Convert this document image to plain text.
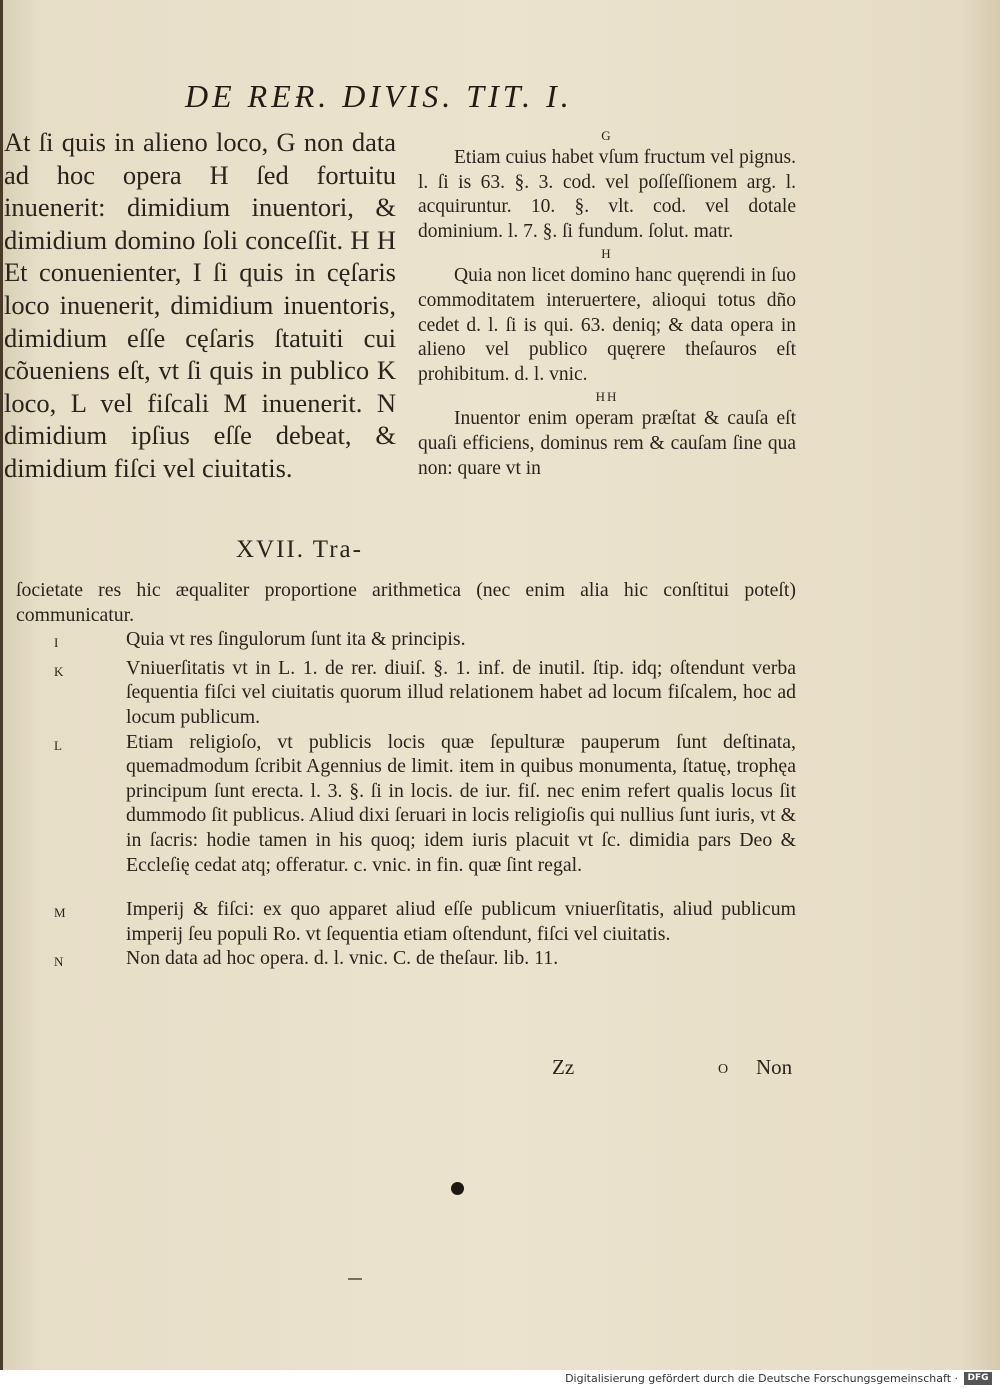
DE REɌ. DIVIS. TIT. I.
At ſi quis in alieno loco, G non data ad hoc opera H ſed fortuitu inuenerit: dimidium inuentori, & dimidium domino ſoli conceſſit. H H Et conuenienter, I ſi quis in cęſaris loco inuenerit, dimidium inuentoris, dimidium eſſe cęſaris ſtatuiti cui cõueniens eſt, vt ſi quis in publico K loco, L vel fiſcali M inuenerit. N dimidium ipſius eſſe debeat, & dimidium fiſci vel ciuitatis.
G

Etiam cuius habet vſum fructum vel pignus. l. ſi is 63. §. 3. cod. vel poſſeſſionem arg. l. acquiruntur. 10. §. vlt. cod. vel dotale dominium. l. 7. §. ſi fundum. ſolut. matr.

H

Quia non licet domino hanc quęrendi in ſuo commoditatem interuertere, alioqui totus dño cedet d. l. ſi is qui. 63. deniq; & data opera in alieno vel publico quęrere theſauros eſt prohibitum. d. l. vnic.

HH

Inuentor enim operam præſtat & cauſa eſt quaſi efficiens, dominus rem & cauſam ſine qua non: quare vt in

XVII. Tra-

ſocietate res hic æqualiter proportione arithmetica (nec enim alia hic conſtitui poteſt) communicatur.

I	Quia vt res ſingulorum ſunt ita & principis.
K	Vniuerſitatis vt in L. 1. de rer. diuiſ. §. 1. inf. de inutil. ſtip. idq; oſtendunt verba ſequentia fiſci vel ciuitatis quorum illud relationem habet ad locum fiſcalem, hoc ad locum publicum.
L	Etiam religioſo, vt publicis locis quæ ſepulturæ pauperum ſunt deſtinata, quemadmodum ſcribit Agennius de limit. item in quibus monumenta, ſtatuę, trophęa principum ſunt erecta. l. 3. §. ſi in locis. de iur. fiſ. nec enim refert qualis locus ſit dummodo ſit publicus. Aliud dixi ſeruari in locis religioſis qui nullius ſunt iuris, vt & in ſacris: hodie tamen in his quoq; idem iuris placuit vt ſc. dimidia pars Deo & Eccleſię cedat atq; offeratur. c. vnic. in fin. quæ ſint regal.
M	Imperij & fiſci: ex quo apparet aliud eſſe publicum vniuerſitatis, aliud publicum imperij ſeu populi Ro. vt ſequentia etiam oſtendunt, fiſci vel ciuitatis.
N	Non data ad hoc opera. d. l. vnic. C. de theſaur. lib. 11.
Zz	O Non
Digitalisierung gefördert durch die Deutsche Forschungsgemeinschaft ·	DFG
